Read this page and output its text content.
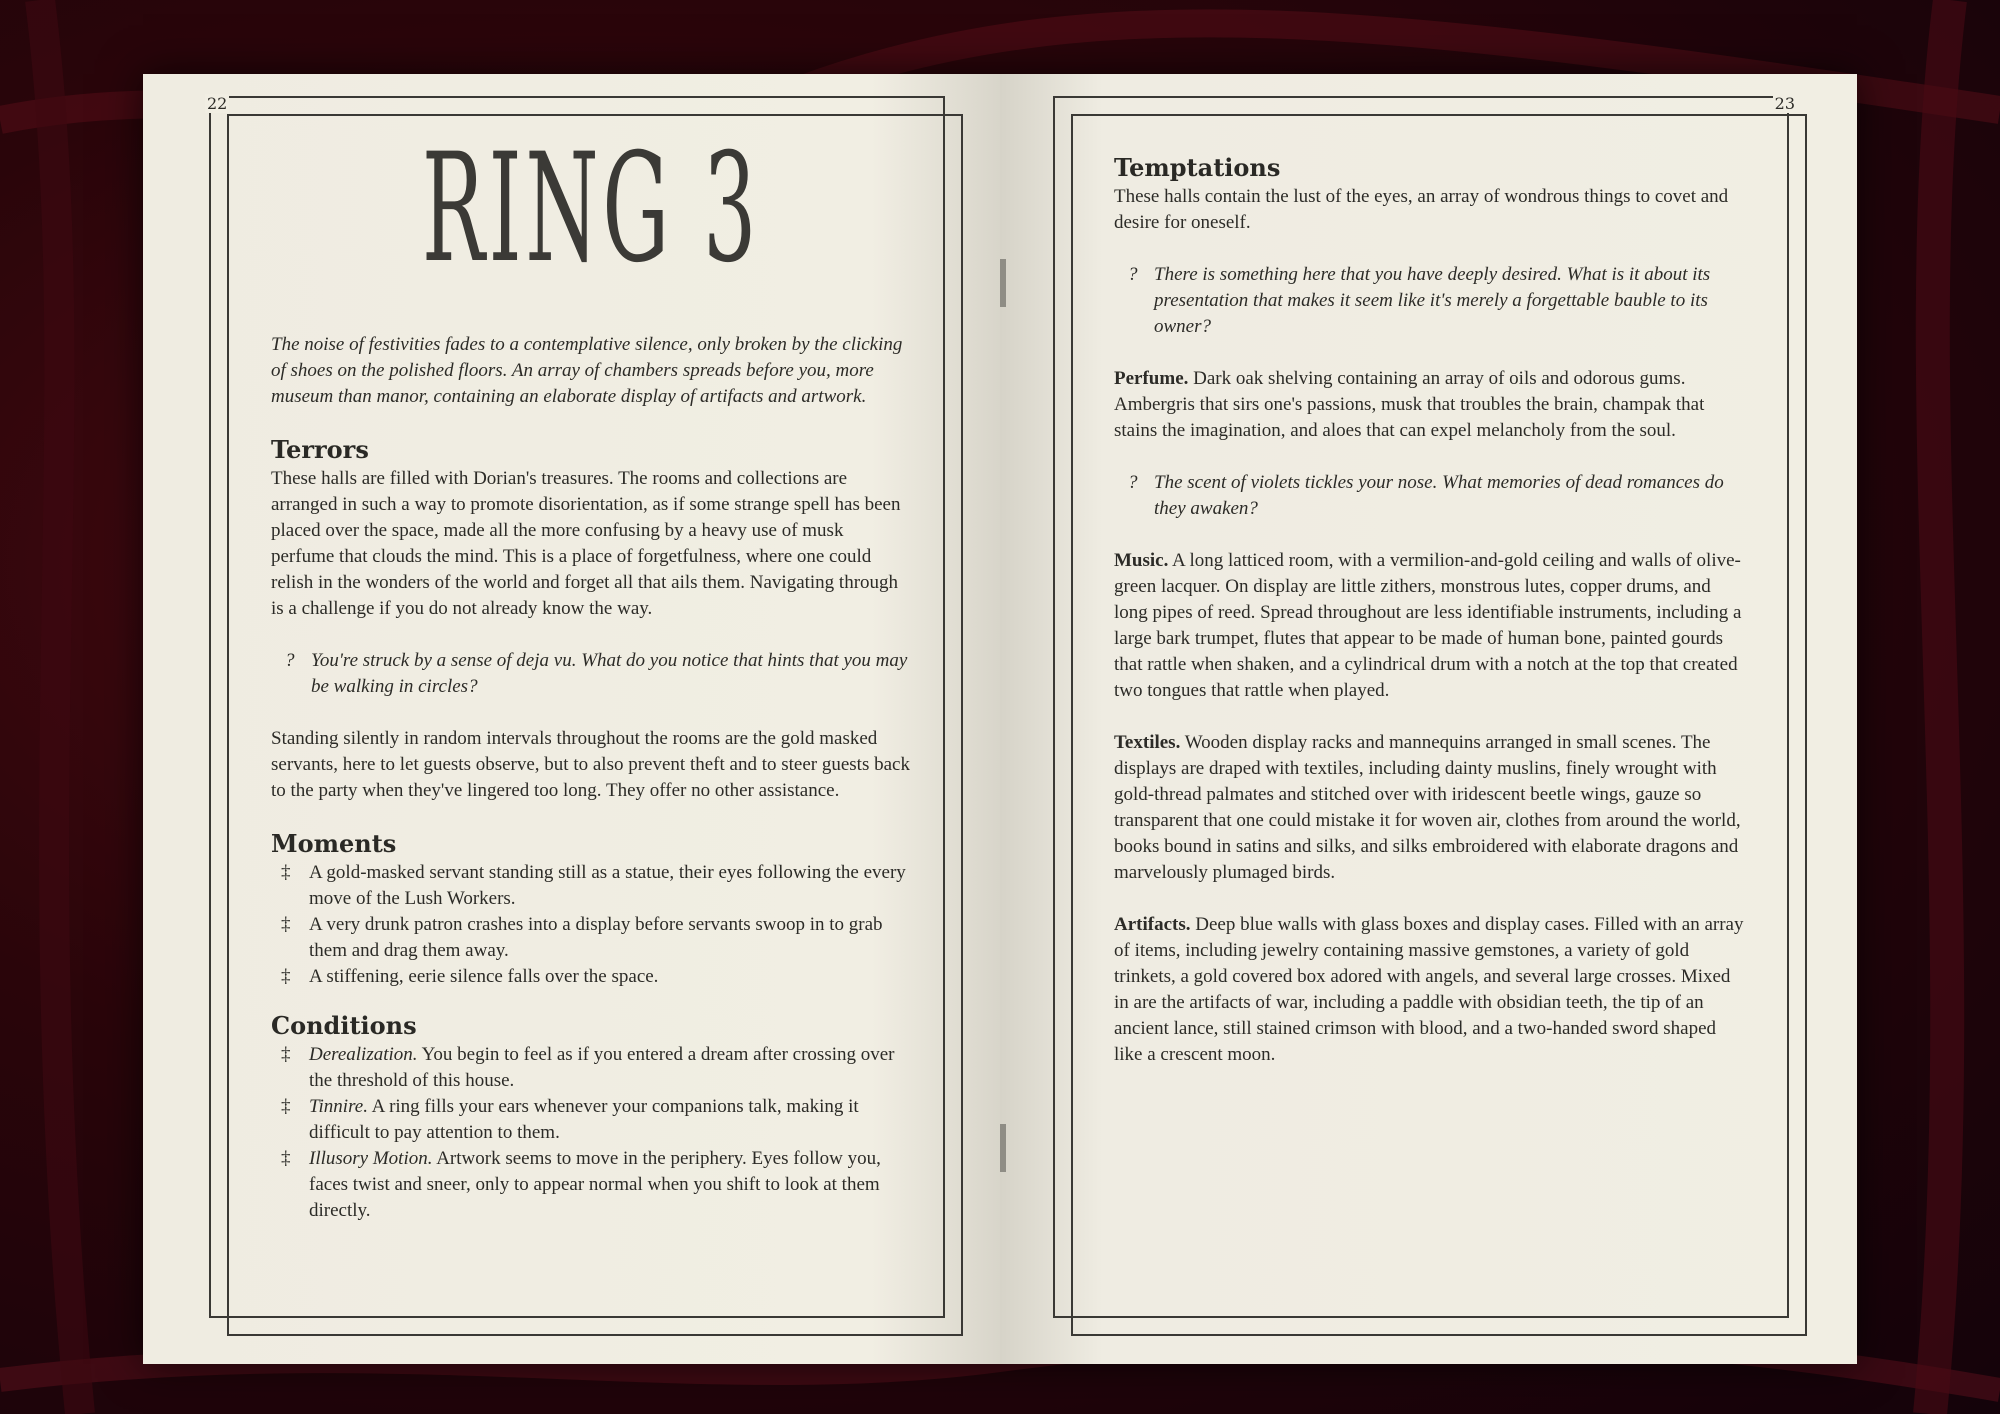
22
RING 3

The noise of festivities fades to a contemplative silence, only broken by the clicking of shoes on the polished floors. An array of chambers spreads before you, more museum than manor, containing an elaborate display of artifacts and artwork.

Terrors

These halls are filled with Dorian's treasures. The rooms and collections are arranged in such a way to promote disorientation, as if some strange spell has been placed over the space, made all the more confusing by a heavy use of musk perfume that clouds the mind. This is a place of forgetfulness, where one could relish in the wonders of the world and forget all that ails them. Navigating through is a challenge if you do not already know the way.

? You're struck by a sense of deja vu. What do you notice that hints that you may be walking in circles?

Standing silently in random intervals throughout the rooms are the gold masked servants, here to let guests observe, but to also prevent theft and to steer guests back to the party when they've lingered too long. They offer no other assistance.

Moments
‡ A gold-masked servant standing still as a statue, their eyes following the every move of the Lush Workers.
‡ A very drunk patron crashes into a display before servants swoop in to grab them and drag them away.
‡ A stiffening, eerie silence falls over the space.
Conditions
‡ Derealization. You begin to feel as if you entered a dream after crossing over the threshold of this house.
‡ Tinnire. A ring fills your ears whenever your companions talk, making it difficult to pay attention to them.
‡ Illusory Motion. Artwork seems to move in the periphery. Eyes follow you, faces twist and sneer, only to appear normal when you shift to look at them directly.
23
Temptations

These halls contain the lust of the eyes, an array of wondrous things to covet and desire for oneself.

? There is something here that you have deeply desired. What is it about its presentation that makes it seem like it's merely a forgettable bauble to its owner?

Perfume. Dark oak shelving containing an array of oils and odorous gums. Ambergris that sirs one's passions, musk that troubles the brain, champak that stains the imagination, and aloes that can expel melancholy from the soul.

? The scent of violets tickles your nose. What memories of dead romances do they awaken?

Music. A long latticed room, with a vermilion-and-gold ceiling and walls of olive-green lacquer. On display are little zithers, monstrous lutes, copper drums, and long pipes of reed. Spread throughout are less identifiable instruments, including a large bark trumpet, flutes that appear to be made of human bone, painted gourds that rattle when shaken, and a cylindrical drum with a notch at the top that created two tongues that rattle when played.

Textiles. Wooden display racks and mannequins arranged in small scenes. The displays are draped with textiles, including dainty muslins, finely wrought with gold-thread palmates and stitched over with iridescent beetle wings, gauze so transparent that one could mistake it for woven air, clothes from around the world, books bound in satins and silks, and silks embroidered with elaborate dragons and marvelously plumaged birds.

Artifacts. Deep blue walls with glass boxes and display cases. Filled with an array of items, including jewelry containing massive gemstones, a variety of gold trinkets, a gold covered box adored with angels, and several large crosses. Mixed in are the artifacts of war, including a paddle with obsidian teeth, the tip of an ancient lance, still stained crimson with blood, and a two-handed sword shaped like a crescent moon.
